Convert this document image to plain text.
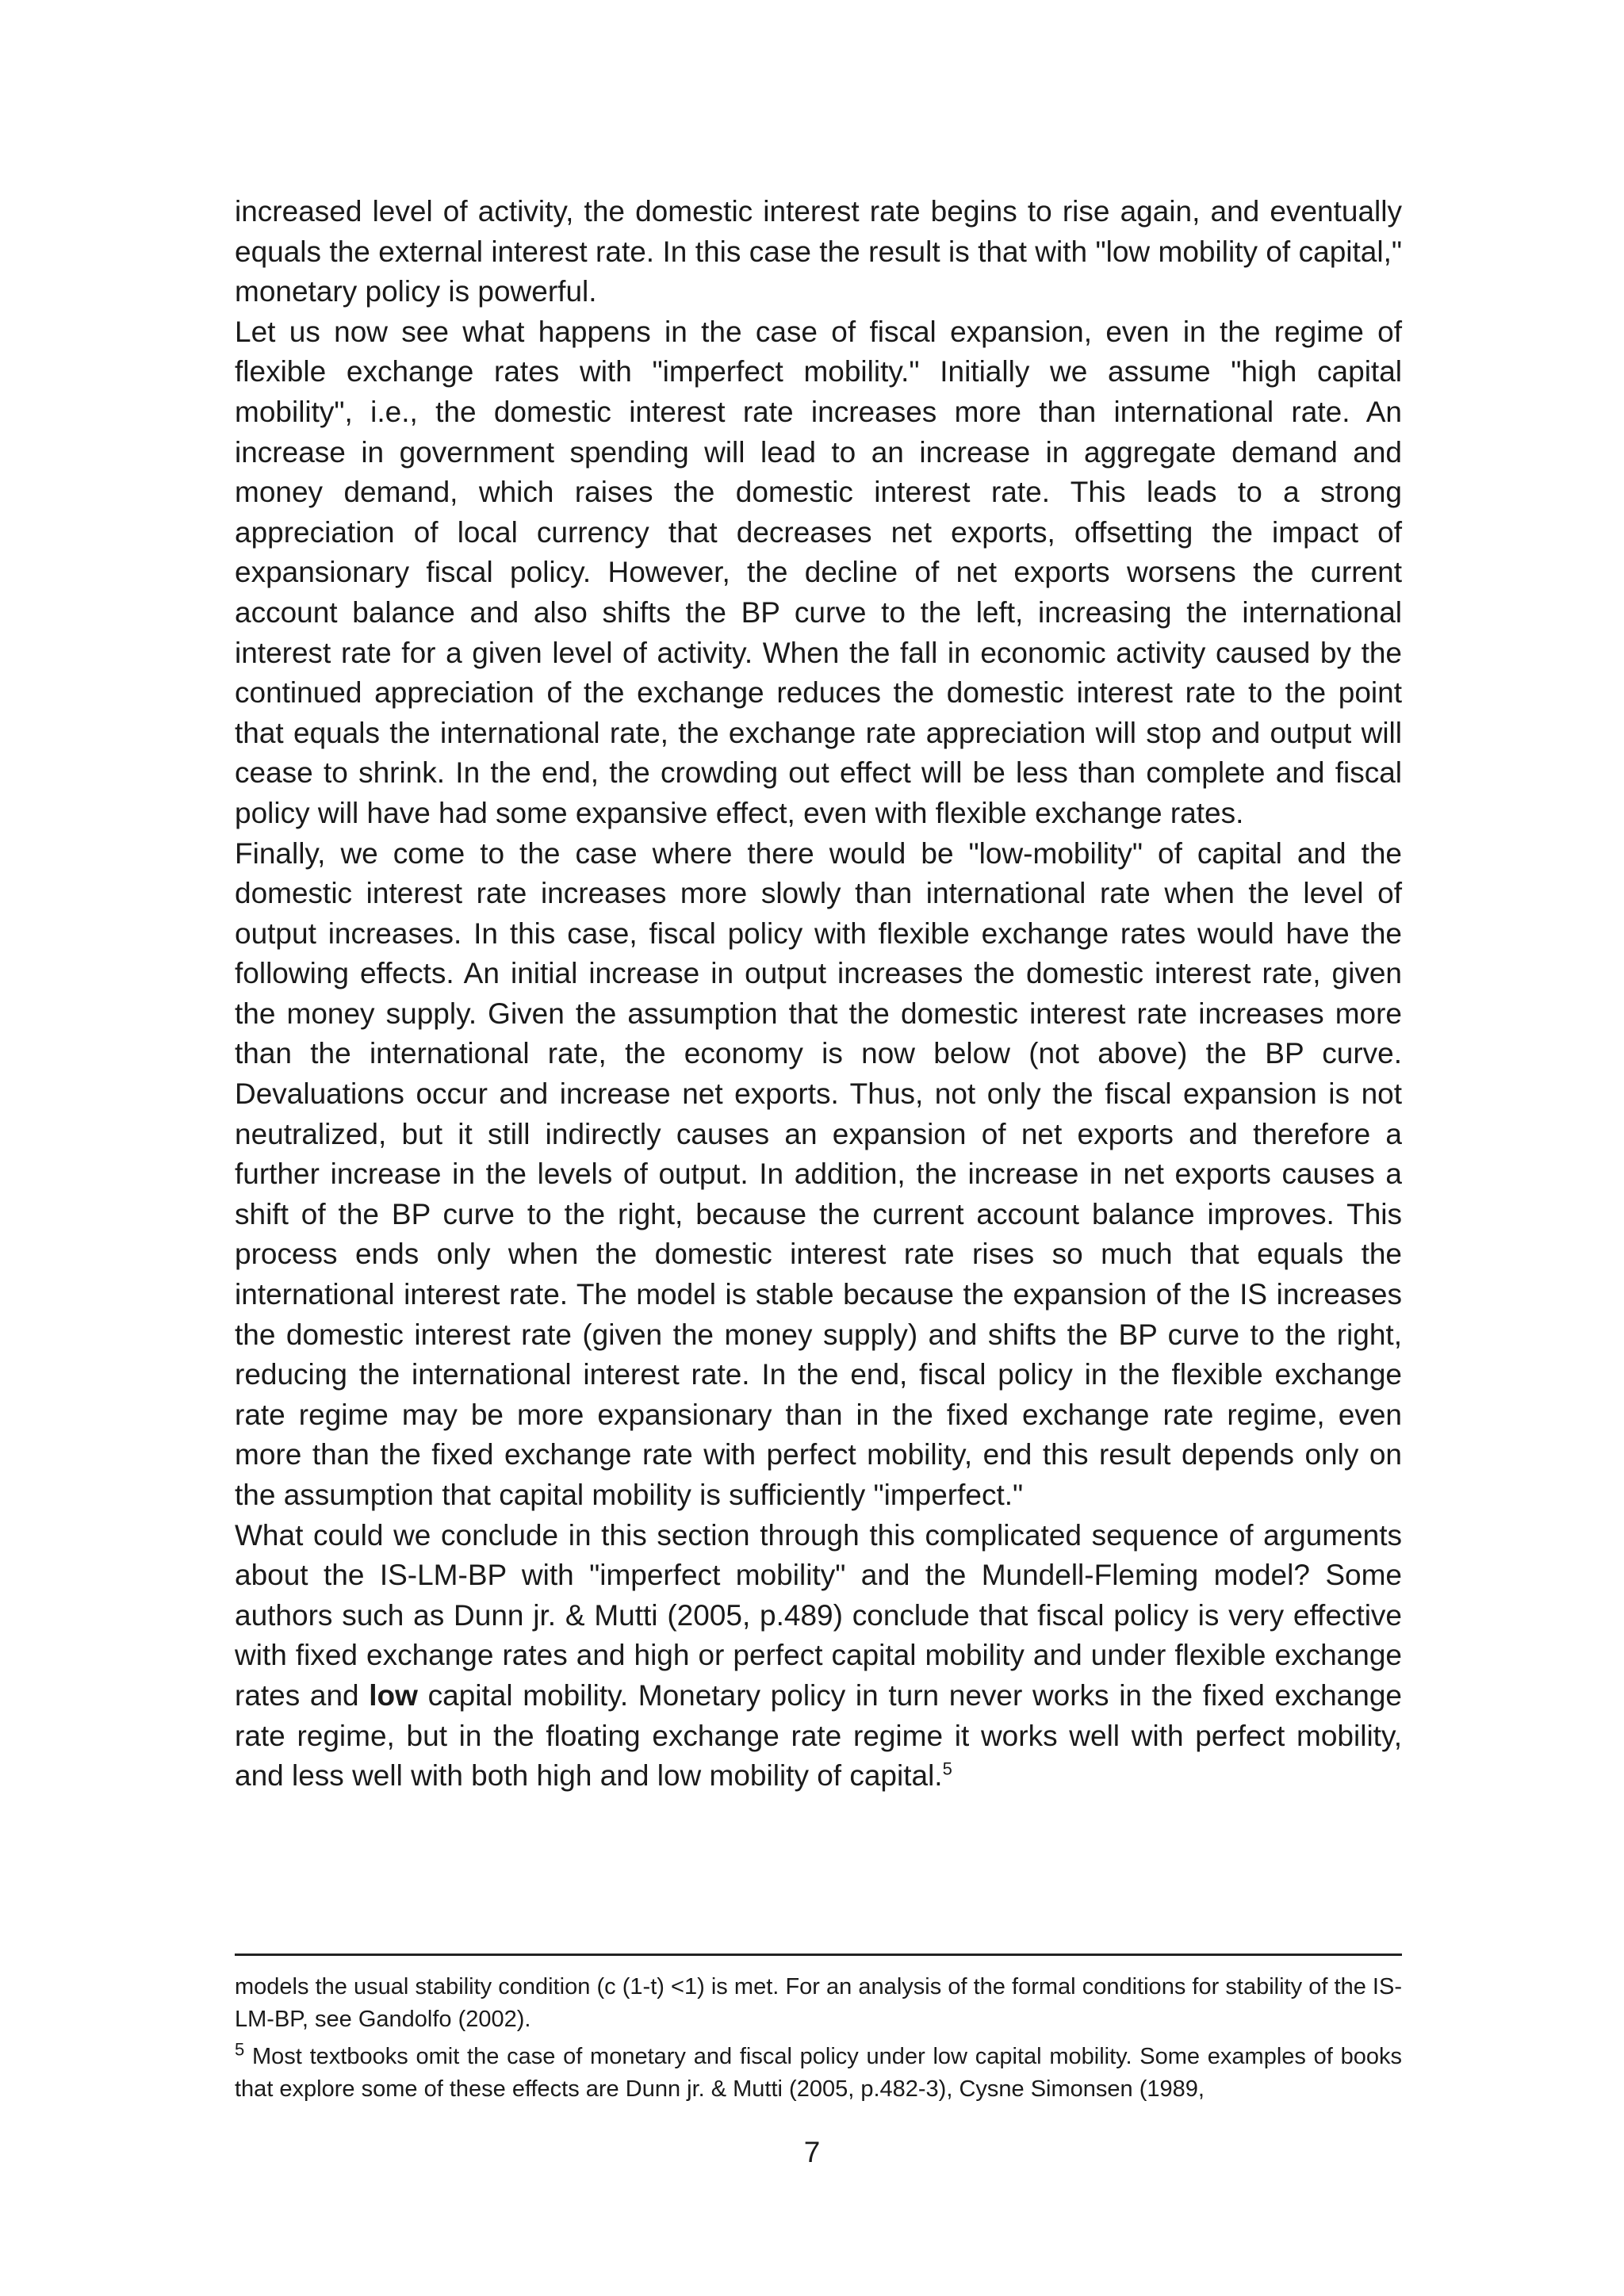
increased level of activity, the domestic interest rate begins to rise again, and eventually equals the external interest rate. In this case the result is that with "low mobility of capital," monetary policy is powerful.

Let us now see what happens in the case of fiscal expansion, even in the regime of flexible exchange rates with "imperfect mobility." Initially we assume "high capital mobility", i.e., the domestic interest rate increases more than international rate. An increase in government spending will lead to an increase in aggregate demand and money demand, which raises the domestic interest rate. This leads to a strong appreciation of local currency that decreases net exports, offsetting the impact of expansionary fiscal policy. However, the decline of net exports worsens the current account balance and also shifts the BP curve to the left, increasing the international interest rate for a given level of activity. When the fall in economic activity caused by the continued appreciation of the exchange reduces the domestic interest rate to the point that equals the international rate, the exchange rate appreciation will stop and output will cease to shrink. In the end, the crowding out effect will be less than complete and fiscal policy will have had some expansive effect, even with flexible exchange rates.

Finally, we come to the case where there would be "low-mobility" of capital and the domestic interest rate increases more slowly than international rate when the level of output increases. In this case, fiscal policy with flexible exchange rates would have the following effects. An initial increase in output increases the domestic interest rate, given the money supply. Given the assumption that the domestic interest rate increases more than the international rate, the economy is now below (not above) the BP curve. Devaluations occur and increase net exports. Thus, not only the fiscal expansion is not neutralized, but it still indirectly causes an expansion of net exports and therefore a further increase in the levels of output. In addition, the increase in net exports causes a shift of the BP curve to the right, because the current account balance improves. This process ends only when the domestic interest rate rises so much that equals the international interest rate. The model is stable because the expansion of the IS increases the domestic interest rate (given the money supply) and shifts the BP curve to the right, reducing the international interest rate. In the end, fiscal policy in the flexible exchange rate regime may be more expansionary than in the fixed exchange rate regime, even more than the fixed exchange rate with perfect mobility, end this result depends only on the assumption that capital mobility is sufficiently "imperfect."

What could we conclude in this section through this complicated sequence of arguments about the IS-LM-BP with "imperfect mobility" and the Mundell-Fleming model? Some authors such as Dunn jr. & Mutti (2005, p.489) conclude that fiscal policy is very effective with fixed exchange rates and high or perfect capital mobility and under flexible exchange rates and low capital mobility. Monetary policy in turn never works in the fixed exchange rate regime, but in the floating exchange rate regime it works well with perfect mobility, and less well with both high and low mobility of capital.$^5$

models the usual stability condition (c (1-t) <1) is met. For an analysis of the formal conditions for stability of the IS-LM-BP, see Gandolfo (2002).

$^5$ Most textbooks omit the case of monetary and fiscal policy under low capital mobility. Some examples of books that explore some of these effects are Dunn jr. & Mutti (2005, p.482-3), Cysne Simonsen (1989,

7
